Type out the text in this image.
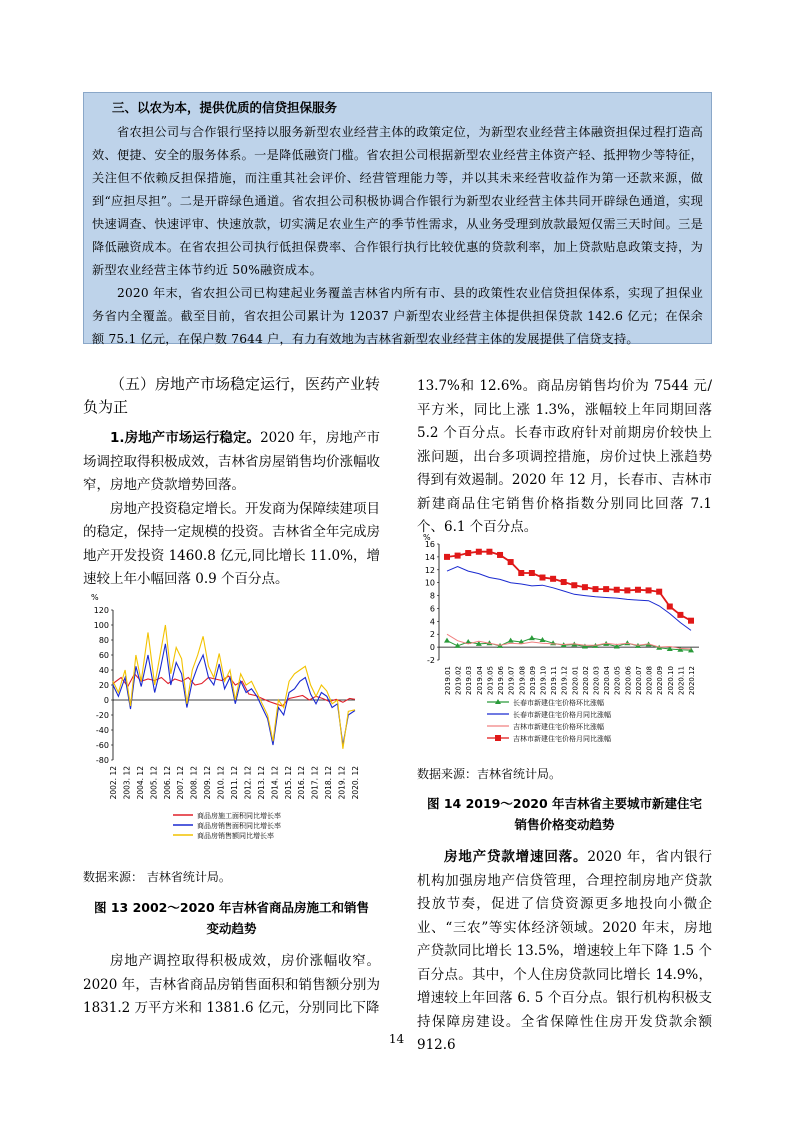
三、以农为本，提供优质的信贷担保服务

省农担公司与合作银行坚持以服务新型农业经营主体的政策定位，为新型农业经营主体融资担保过程打造高效、便捷、安全的服务体系。一是降低融资门槛。省农担公司根据新型农业经营主体资产轻、抵押物少等特征，关注但不依赖反担保措施，而注重其社会评价、经营管理能力等，并以其未来经营收益作为第一还款来源，做到“应担尽担”。二是开辟绿色通道。省农担公司积极协调合作银行为新型农业经营主体共同开辟绿色通道，实现快速调查、快速评审、快速放款，切实满足农业生产的季节性需求，从业务受理到放款最短仅需三天时间。三是降低融资成本。在省农担公司执行低担保费率、合作银行执行比较优惠的贷款利率，加上贷款贴息政策支持，为新型农业经营主体节约近 50%融资成本。

2020 年末，省农担公司已构建起业务覆盖吉林省内所有市、县的政策性农业信贷担保体系，实现了担保业务省内全覆盖。截至目前，省农担公司累计为 12037 户新型农业经营主体提供担保贷款 142.6 亿元；在保余额 75.1 亿元，在保户数 7644 户，有力有效地为吉林省新型农业经营主体的发展提供了信贷支持。

（五）房地产市场稳定运行，医药产业转负为正

1.房地产市场运行稳定。2020 年，房地产市场调控取得积极成效，吉林省房屋销售均价涨幅收窄，房地产贷款增势回落。

房地产投资稳定增长。开发商为保障续建项目的稳定，保持一定规模的投资。吉林省全年完成房地产开发投资 1460.8 亿元,同比增长 11.0%，增速较上年小幅回落 0.9 个百分点。

%
-80
-60
-40
-20
0
20
40
60
80
100
120
2002. 12 2003. 12 2004. 12 2005. 12 2006. 12 2007. 12 2008. 12 2009. 12 2010. 12 2011. 12 2012. 12 2013. 12 2014. 12 2015. 12 2016. 12 2017. 12 2018. 12 2019. 12 2020. 12
商品房施工面积同比增长率
商品房销售面积同比增长率
商品房销售额同比增长率
数据来源： 吉林省统计局。
图 13 2002～2020 年吉林省商品房施工和销售
变动趋势

房地产调控取得积极成效，房价涨幅收窄。2020 年，吉林省商品房销售面积和销售额分别为 1831.2 万平方米和 1381.6 亿元，分别同比下降

13.7%和 12.6%。商品房销售均价为 7544 元/平方米，同比上涨 1.3%，涨幅较上年同期回落 5.2 个百分点。长春市政府针对前期房价较快上涨问题，出台多项调控措施，房价过快上涨趋势得到有效遏制。2020 年 12 月，长春市、吉林市新建商品住宅销售价格指数分别同比回落 7.1 个、6.1 个百分点。

%
-2
0
2
4
6
8
10
12
14
16
2019.01 2019.02 2019.03 2019.04 2019.05 2019.06 2019.07 2019.08 2019.09 2019.10 2019.11 2019.12 2020.01 2020.02 2020.03 2020.04 2020.05 2020.06 2020.07 2020.08 2020.09 2020.10 2020.11 2020.12
长春市新建住宅价格环比涨幅
长春市新建住宅价格月同比涨幅
吉林市新建住宅价格环比涨幅
吉林市新建住宅价格月同比涨幅
数据来源：吉林省统计局。
图 14 2019～2020 年吉林省主要城市新建住宅
销售价格变动趋势

房地产贷款增速回落。2020 年，省内银行机构加强房地产信贷管理，合理控制房地产贷款投放节奏，促进了信贷资源更多地投向小微企业、“三农”等实体经济领域。2020 年末，房地产贷款同比增长 13.5%，增速较上年下降 1.5 个百分点。其中，个人住房贷款同比增长 14.9%，增速较上年回落 6. 5 个百分点。银行机构积极支持保障房建设。全省保障性住房开发贷款余额 912.6

14
